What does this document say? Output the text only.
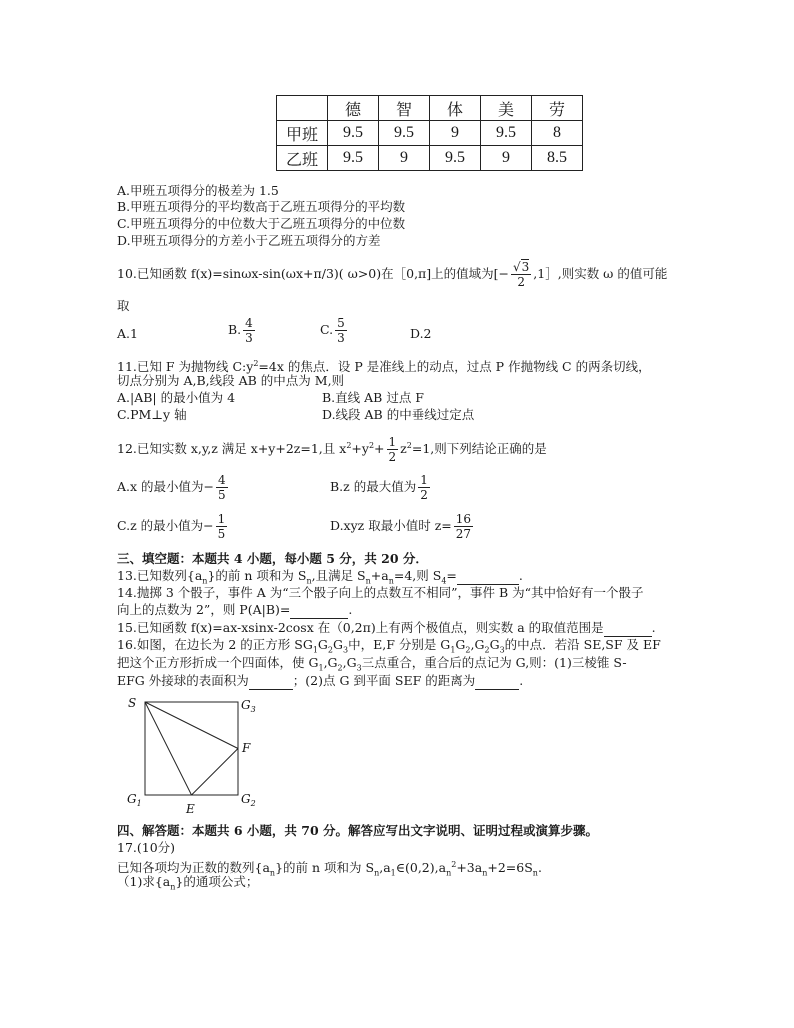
	德	智	体	美	劳
甲班	9.5	9.5	9	9.5	8
乙班	9.5	9	9.5	9	8.5
A.甲班五项得分的极差为 1.5
B.甲班五项得分的平均数高于乙班五项得分的平均数
C.甲班五项得分的中位数大于乙班五项得分的中位数
D.甲班五项得分的方差小于乙班五项得分的方差
10.已知函数 f(x)=sinωx-sin(ωx+π/3)( ω>0)在［0,π]上的值域为[− $\frac{√3}{2}$ ,1］,则实数 ω 的值可能
取
A.1	B. $\frac{4}{3}$	C. $\frac{5}{3}$	D.2
11.已知 F 为抛物线 $C:y^2=4x$ 的焦点．设 P 是准线上的动点，过点 P 作抛物线 C 的两条切线，
切点分别为 A,B,线段 AB 的中点为 M,则
A.|AB| 的最小值为 4	B.直线 AB 过点 F
C.PM⊥y 轴	D.线段 AB 的中垂线过定点
12.已知实数 x,y,z 满足 x+y+2z=1,且 $x^2+y^2+ \frac{1}{2} z^2=1$,则下列结论正确的是
A.x 的最小值为− $\frac{4}{5}$	B.z 的最大值为 $\frac{1}{2}$
C.z 的最小值为− $\frac{1}{5}$	D.xyz 取最小值时 $z= \frac{16}{27}$
三、填空题：本题共 4 小题，每小题 5 分，共 20 分．
13.已知数列$\{a_n\}$的前 n 项和为 $S_n$,且满足 $S_n+a_n=4$,则 $S_4=$	.
14.抛掷 3 个骰子，事件 A 为“三个骰子向上的点数互不相同”，事件 B 为“其中恰好有一个骰子
向上的点数为 2”，则 P(A|B)=	.
15.已知函数 f(x)=ax-xsinx-2cosx 在（0,2π)上有两个极值点，则实数 a 的取值范围是	.
16.如图，在边长为 2 的正方形 $SG_1G_2G_3$中，E,F 分别是 $G_1G_2,G_2G_3$的中点．若沿 SE,SF 及 EF
把这个正方形折成一个四面体，使 $G_1,G_2,G_3$三点重合，重合后的点记为 G,则：(1)三棱锥 S-
EFG 外接球的表面积为	；(2)点 G 到平面 SEF 的距离为	.
S	$G_3$
F
$G_1$	E
$G_2$
四、解答题：本题共 6 小题，共 70 分。解答应写出文字说明、证明过程或演算步骤。
17.(10分)
已知各项均为正数的数列$\{a_n\}$的前 n 项和为 $S_n,a_1\in(0,2),a_n^2+3a_n+2=6S_n$.
（1)求$\{a_n\}$的通项公式；
